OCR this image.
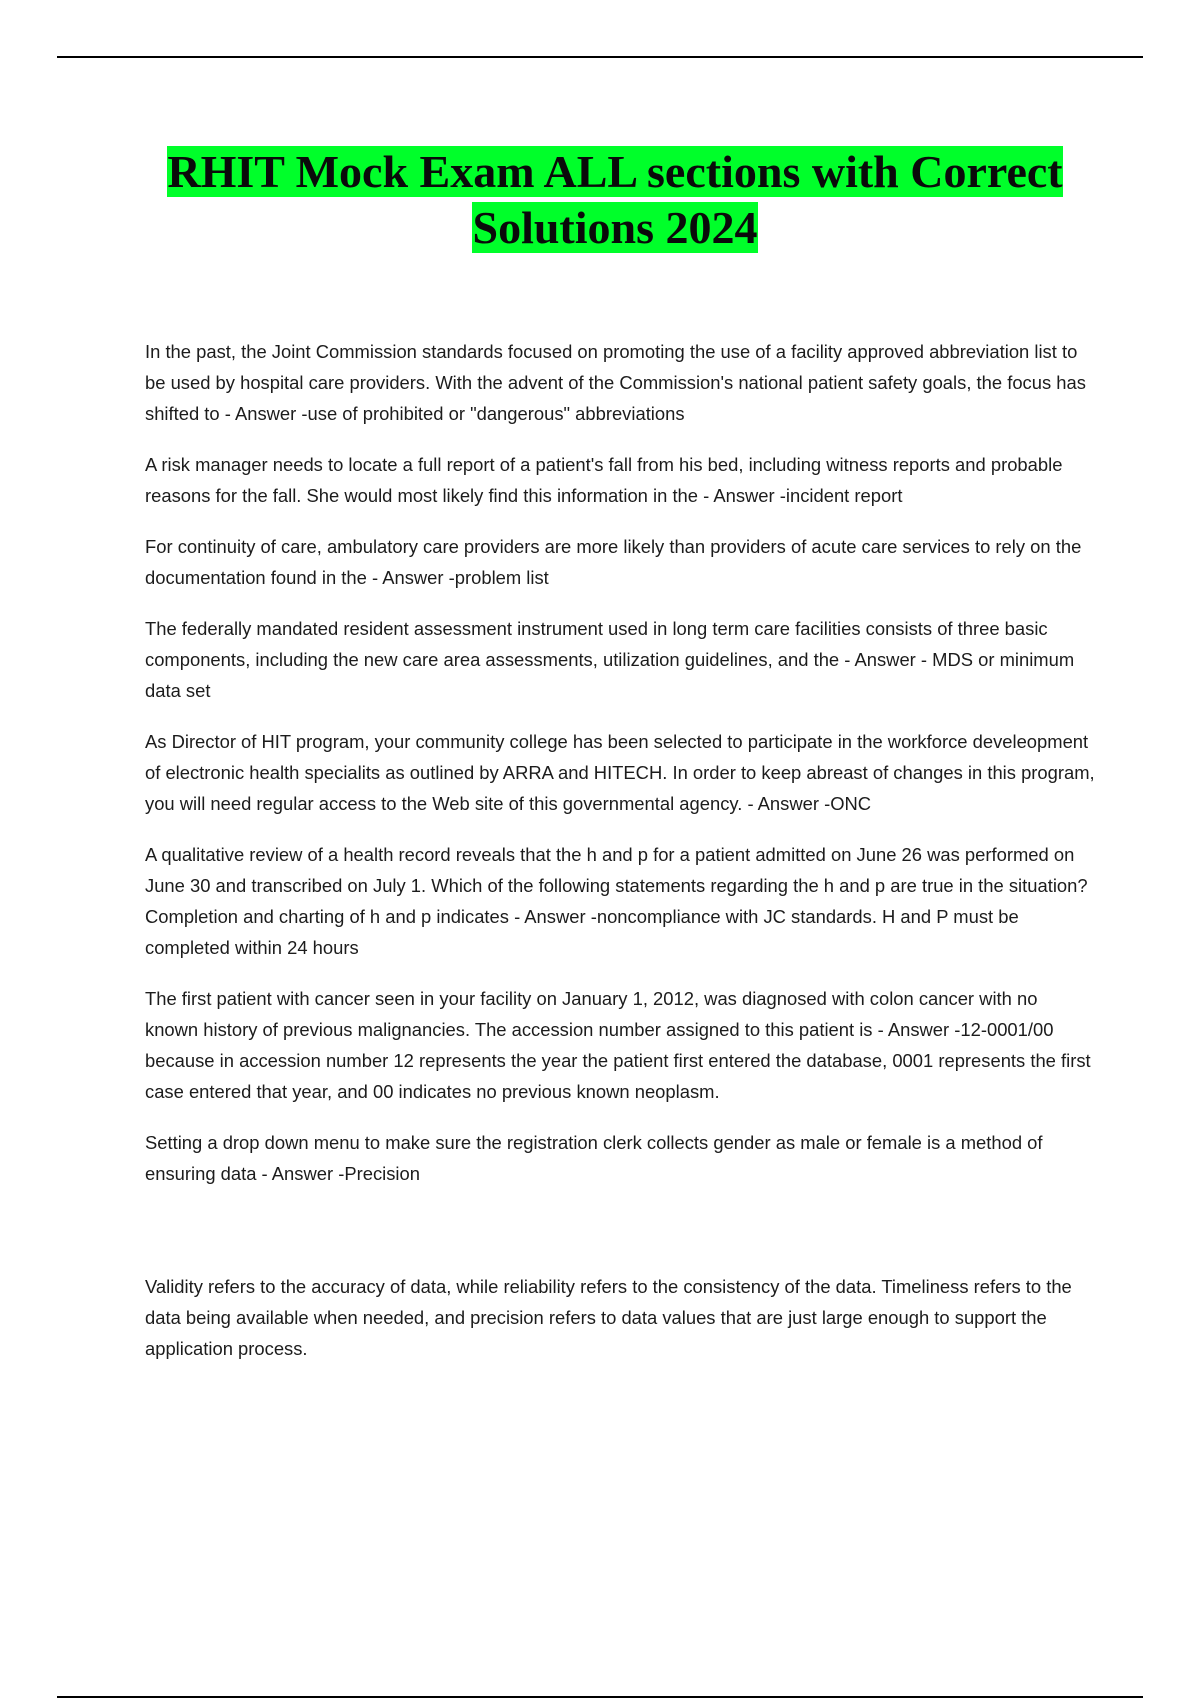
RHIT Mock Exam ALL sections with Correct Solutions 2024

In the past, the Joint Commission standards focused on promoting the use of a facility approved abbreviation list to be used by hospital care providers. With the advent of the Commission's national patient safety goals, the focus has shifted to - Answer -use of prohibited or "dangerous" abbreviations

A risk manager needs to locate a full report of a patient's fall from his bed, including witness reports and probable reasons for the fall. She would most likely find this information in the - Answer -incident report

For continuity of care, ambulatory care providers are more likely than providers of acute care services to rely on the documentation found in the - Answer -problem list

The federally mandated resident assessment instrument used in long term care facilities consists of three basic components, including the new care area assessments, utilization guidelines, and the - Answer - MDS or minimum data set

As Director of HIT program, your community college has been selected to participate in the workforce develeopment of electronic health specialits as outlined by ARRA and HITECH. In order to keep abreast of changes in this program, you will need regular access to the Web site of this governmental agency. - Answer -ONC

A qualitative review of a health record reveals that the h and p for a patient admitted on June 26 was performed on June 30 and transcribed on July 1. Which of the following statements regarding the h and p are true in the situation? Completion and charting of h and p indicates - Answer -noncompliance with JC standards. H and P must be completed within 24 hours

The first patient with cancer seen in your facility on January 1, 2012, was diagnosed with colon cancer with no known history of previous malignancies. The accession number assigned to this patient is - Answer -12-0001/00 because in accession number 12 represents the year the patient first entered the database, 0001 represents the first case entered that year, and 00 indicates no previous known neoplasm.

Setting a drop down menu to make sure the registration clerk collects gender as male or female is a method of ensuring data - Answer -Precision

Validity refers to the accuracy of data, while reliability refers to the consistency of the data. Timeliness refers to the data being available when needed, and precision refers to data values that are just large enough to support the application process.
